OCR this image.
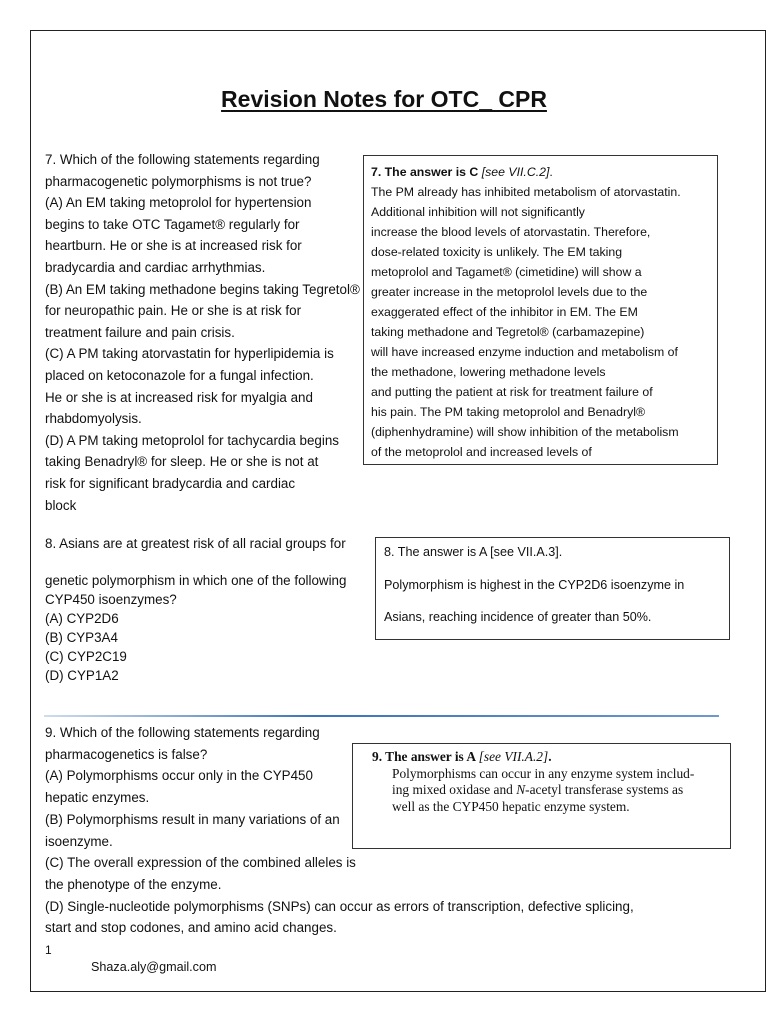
Revision Notes for OTC_ CPR
7. Which of the following statements regarding
pharmacogenetic polymorphisms is not true?
(A) An EM taking metoprolol for hypertension
begins to take OTC Tagamet® regularly for
heartburn. He or she is at increased risk for
bradycardia and cardiac arrhythmias.
(B) An EM taking methadone begins taking Tegretol®
for neuropathic pain. He or she is at risk for
treatment failure and pain crisis.
(C) A PM taking atorvastatin for hyperlipidemia is
placed on ketoconazole for a fungal infection.
He or she is at increased risk for myalgia and
rhabdomyolysis.
(D) A PM taking metoprolol for tachycardia begins
taking Benadryl® for sleep. He or she is not at
risk for significant bradycardia and cardiac
block
7. The answer is C [see VII.C.2].
The PM already has inhibited metabolism of atorvastatin.
Additional inhibition will not significantly
increase the blood levels of atorvastatin. Therefore,
dose-related toxicity is unlikely. The EM taking
metoprolol and Tagamet® (cimetidine) will show a
greater increase in the metoprolol levels due to the
exaggerated effect of the inhibitor in EM. The EM
taking methadone and Tegretol® (carbamazepine)
will have increased enzyme induction and metabolism of
the methadone, lowering methadone levels
and putting the patient at risk for treatment failure of
his pain. The PM taking metoprolol and Benadryl®
(diphenhydramine) will show inhibition of the metabolism
of the metoprolol and increased levels of
8. Asians are at greatest risk of all racial groups for
genetic polymorphism in which one of the following
CYP450 isoenzymes?
(A) CYP2D6
(B) CYP3A4
(C) CYP2C19
(D) CYP1A2
8. The answer is A [see VII.A.3].
Polymorphism is highest in the CYP2D6 isoenzyme in
Asians, reaching incidence of greater than 50%.
9. Which of the following statements regarding
pharmacogenetics is false?
(A) Polymorphisms occur only in the CYP450
hepatic enzymes.
(B) Polymorphisms result in many variations of an
isoenzyme.
(C) The overall expression of the combined alleles is
the phenotype of the enzyme.
(D) Single-nucleotide polymorphisms (SNPs) can occur as errors of transcription, defective splicing,
start and stop codones, and amino acid changes.
9. The answer is A [see VII.A.2].
Polymorphisms can occur in any enzyme system includ-
ing mixed oxidase and N-acetyl transferase systems as
well as the CYP450 hepatic enzyme system.
1
Shaza.aly@gmail.com
